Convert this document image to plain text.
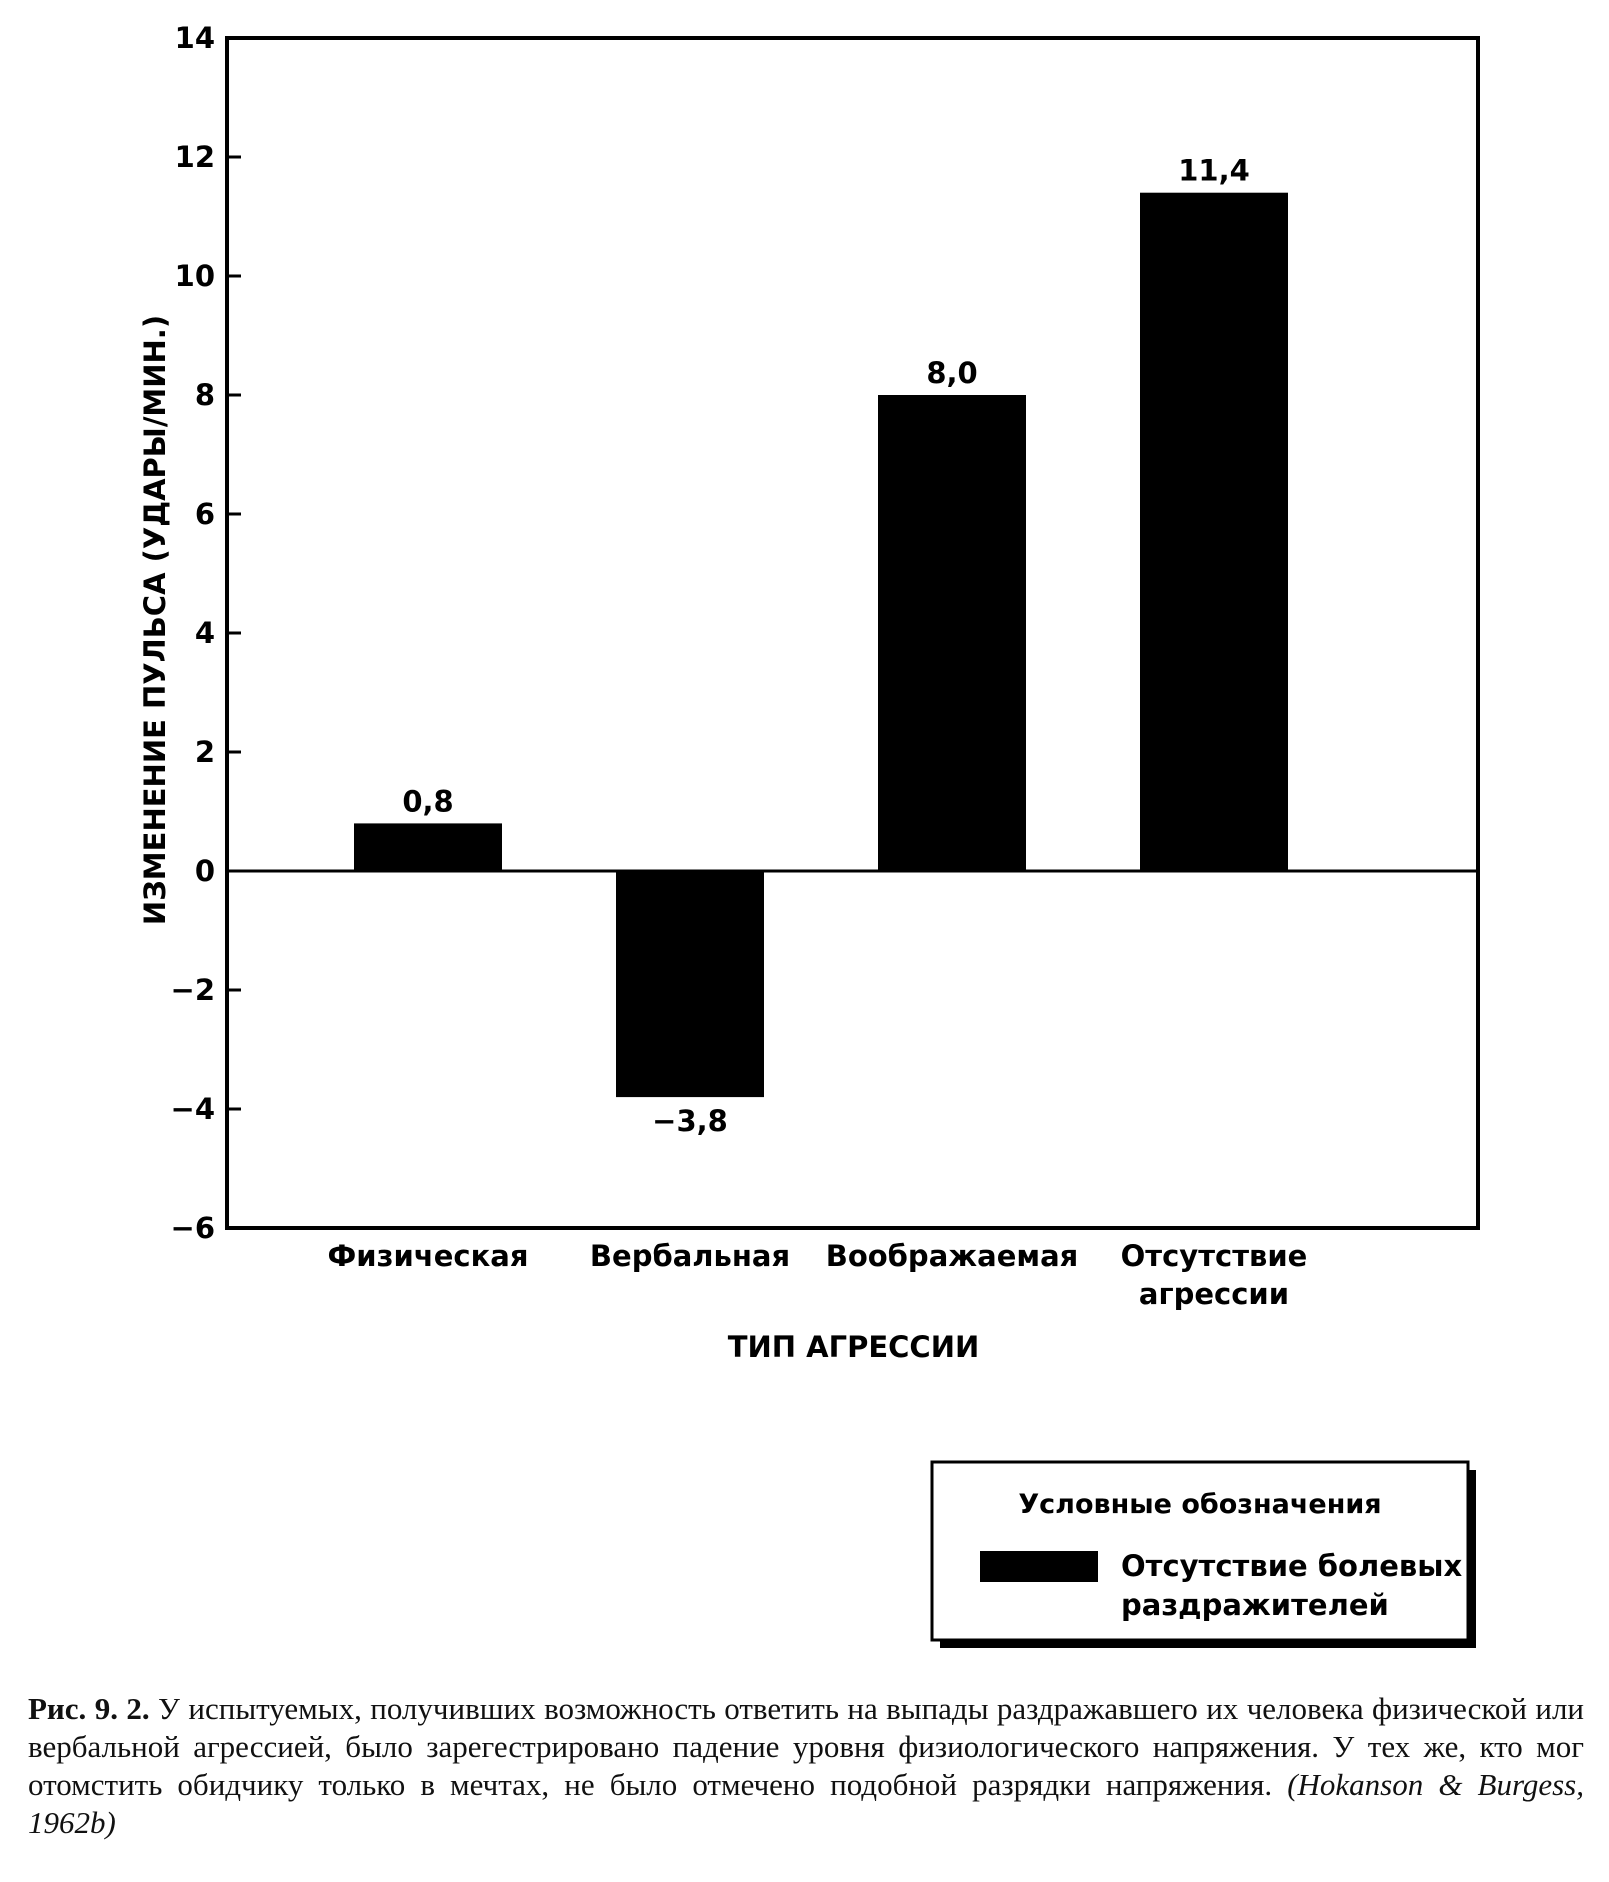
14
12
10
8
6
4
2
0
−2
−4
−6
0,8
−3,8
8,0
11,4
Физическая Вербальная Воображаемая Отсутствие
агрессии
ТИП АГРЕССИИ
ИЗМЕНЕНИЕ ПУЛЬСА (УДАРЫ/МИН.)
Условные обозначения
Отсутствие болевых
раздражителей
Рис. 9. 2. У испытуемых, получивших возможность ответить на выпады раздражавшего их человека физической или вербальной агрессией, было зарегестрировано падение уровня физиологического напряжения. У тех же, кто мог отомстить обидчику только в мечтах, не было отмечено подобной разрядки напряжения. (Hokanson & Burgess, 1962b)
